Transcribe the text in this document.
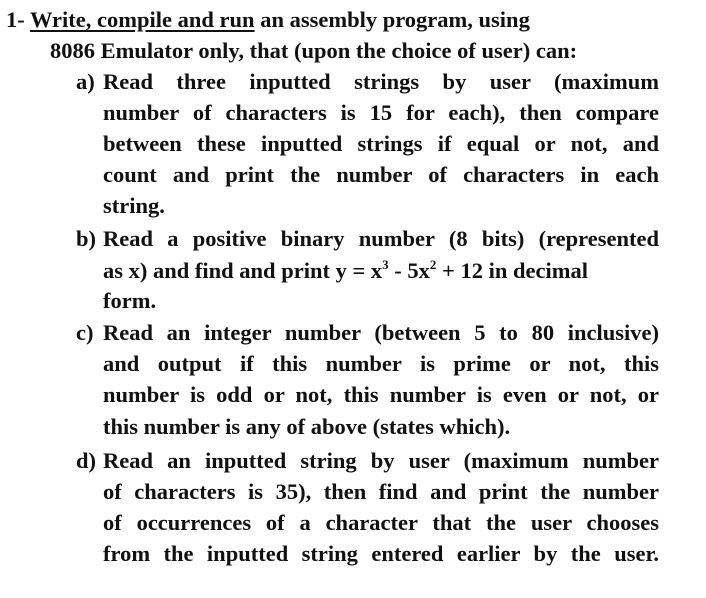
1- Write, compile and run an assembly program, using
8086 Emulator only, that (upon the choice of user) can:
a) Read three inputted strings by user (maximum
number of characters is 15 for each), then compare
between these inputted strings if equal or not, and
count and print the number of characters in each
string.
b) Read a positive binary number (8 bits) (represented
as x) and find and print $y = x^3 - 5x^2 + 12$ in decimal
form.
c) Read an integer number (between 5 to 80 inclusive)
and output if this number is prime or not, this
number is odd or not, this number is even or not, or
this number is any of above (states which).
d) Read an inputted string by user (maximum number
of characters is 35), then find and print the number
of occurrences of a character that the user chooses
from the inputted string entered earlier by the user.
